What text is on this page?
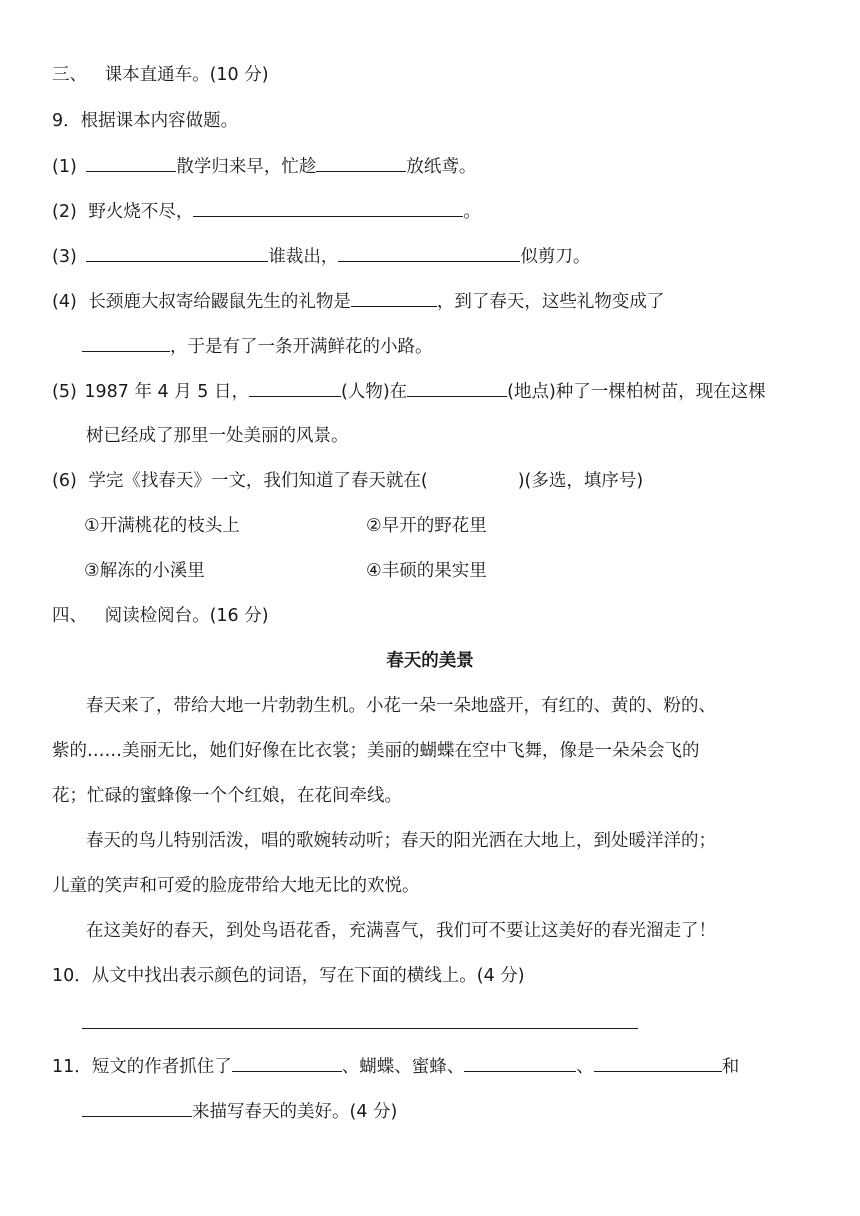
三、 课本直通车。(10 分)
9．根据课本内容做题。
(1)	散学归来早，忙趁	放纸鸢。
(2) 野火烧不尽，	。
(3)	谁裁出，	似剪刀。
(4) 长颈鹿大叔寄给鼹鼠先生的礼物是	，到了春天，这些礼物变成了
，于是有了一条开满鲜花的小路。
(5) 1987 年 4 月 5 日，	(人物)在	(地点)种了一棵柏树苗，现在这棵
树已经成了那里一处美丽的风景。
(6) 学完《找春天》一文，我们知道了春天就在(	)(多选，填序号)
①开满桃花的枝头上	②早开的野花里
③解冻的小溪里	④丰硕的果实里
四、 阅读检阅台。(16 分)
春天的美景
春天来了，带给大地一片勃勃生机。小花一朵一朵地盛开，有红的、黄的、粉的、
紫的……美丽无比，她们好像在比衣裳；美丽的蝴蝶在空中飞舞，像是一朵朵会飞的
花；忙碌的蜜蜂像一个个红娘，在花间牵线。
春天的鸟儿特别活泼，唱的歌婉转动听；春天的阳光洒在大地上，到处暖洋洋的；
儿童的笑声和可爱的脸庞带给大地无比的欢悦。
在这美好的春天，到处鸟语花香，充满喜气，我们可不要让这美好的春光溜走了！
10．从文中找出表示颜色的词语，写在下面的横线上。(4 分)
11．短文的作者抓住了	、蝴蝶、蜜蜂、	、	和
来描写春天的美好。(4 分)
